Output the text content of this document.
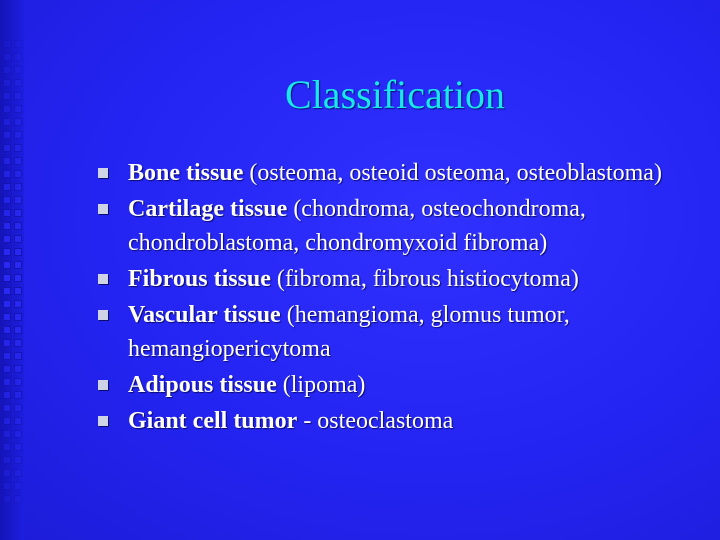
Classification
Bone tissue (osteoma, osteoid osteoma, osteoblastoma)
Cartilage tissue (chondroma, osteochondroma, chondroblastoma, chondromyxoid fibroma)
Fibrous tissue (fibroma, fibrous histiocytoma)
Vascular tissue (hemangioma, glomus tumor, hemangiopericytoma
Adipous tissue (lipoma)
Giant cell tumor - osteoclastoma
